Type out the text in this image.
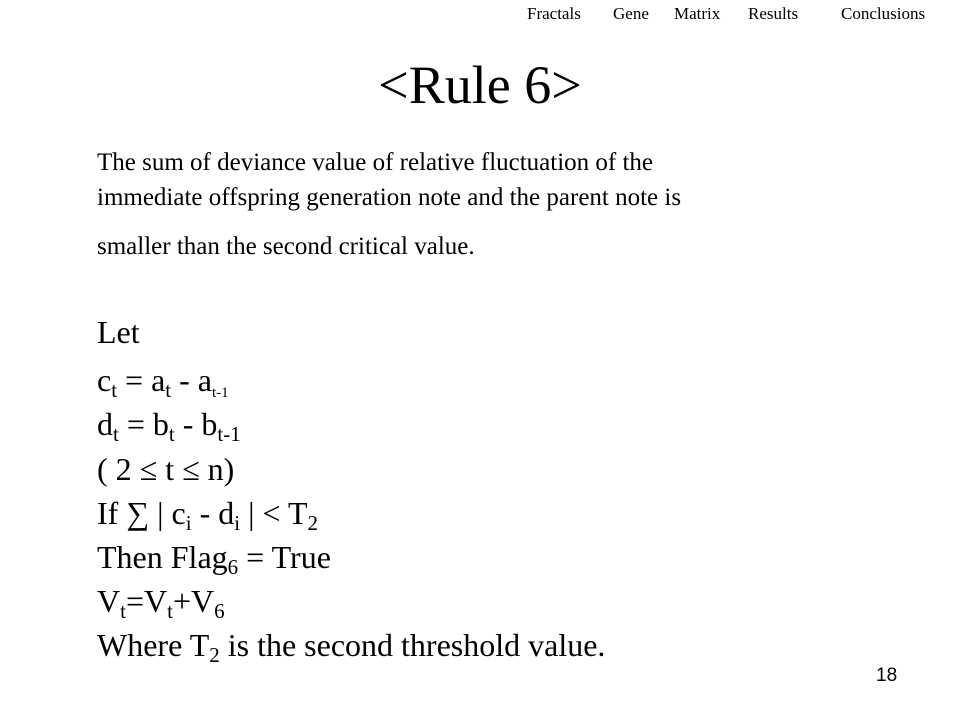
Fractals Gene Matrix Results	Conclusions
<Rule 6>
The sum of deviance value of relative fluctuation of the
immediate offspring generation note and the parent note is
smaller than the second critical value.
Let
$c_t = a_t - a_{t-1}$
$d_t = b_t - b_{t-1}$
( 2 ≤ t ≤ n)
If ∑ | $c_i - d_i$ | < $T_2$
Then Flag$_6$ = True
$V_t=V_t+V_6$
Where $T_2$ is the second threshold value.
18
